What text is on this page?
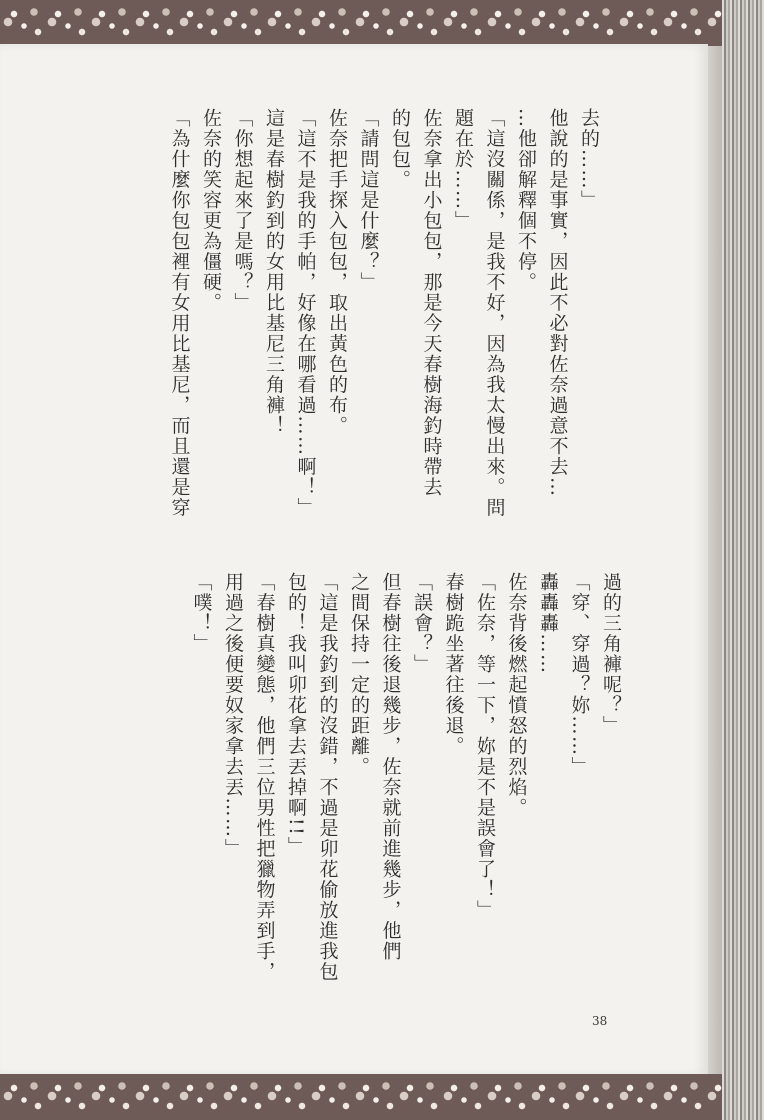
去的……」
他說的是事實，因此不必對佐奈過意不去…
…他卻解釋個不停。
「這沒關係，是我不好，因為我太慢出來。問
題在於……」
佐奈拿出小包包，那是今天春樹海釣時帶去
的包包。
「請問這是什麼？」
佐奈把手探入包包，取出黃色的布。
「這不是我的手帕，好像在哪看過……啊！」
這是春樹釣到的女用比基尼三角褲！
「你想起來了是嗎？」
佐奈的笑容更為僵硬。
「為什麼你包包裡有女用比基尼，而且還是穿
過的三角褲呢？」
「穿、穿過？妳……」
轟轟轟……
佐奈背後燃起憤怒的烈焰。
「佐奈，等一下，妳是不是誤會了！」
春樹跪坐著往後退。
「誤會？」
但春樹往後退幾步，佐奈就前進幾步，他們
之間保持一定的距離。
「這是我釣到的沒錯，不過是卯花偷放進我包
包的！我叫卯花拿去丟掉啊!!」
「春樹真變態，他們三位男性把獵物弄到手，
用過之後便要奴家拿去丟……」
「噗！」
38
